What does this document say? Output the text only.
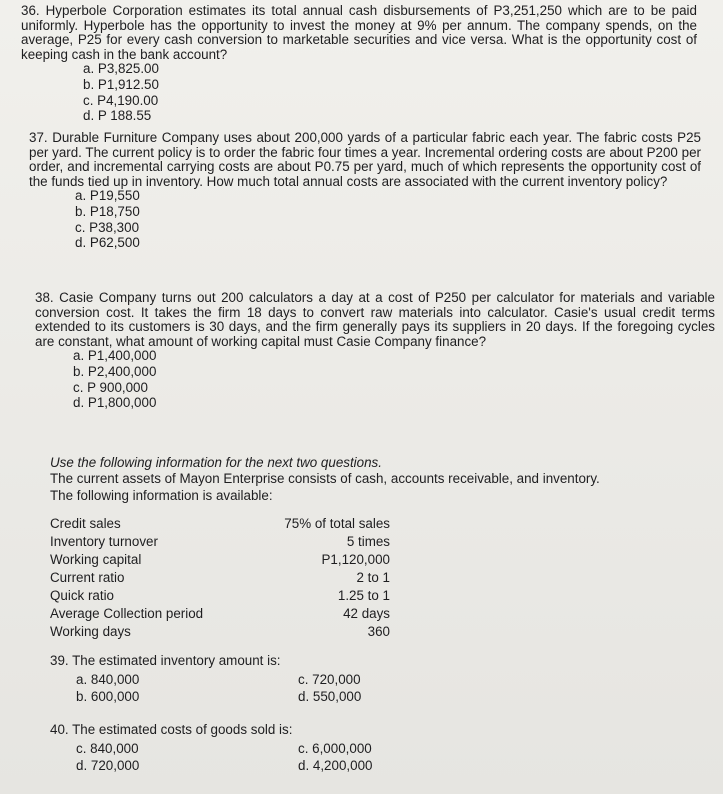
36. Hyperbole Corporation estimates its total annual cash disbursements of P3,251,250 which are to be paid uniformly. Hyperbole has the opportunity to invest the money at 9% per annum. The company spends, on the average, P25 for every cash conversion to marketable securities and vice versa. What is the opportunity cost of keeping cash in the bank account?

a. P3,825.00
b. P1,912.50
c. P4,190.00
d. P 188.55

37. Durable Furniture Company uses about 200,000 yards of a particular fabric each year. The fabric costs P25 per yard. The current policy is to order the fabric four times a year. Incremental ordering costs are about P200 per order, and incremental carrying costs are about P0.75 per yard, much of which represents the opportunity cost of the funds tied up in inventory. How much total annual costs are associated with the current inventory policy?

a. P19,550
b. P18,750
c. P38,300
d. P62,500

38. Casie Company turns out 200 calculators a day at a cost of P250 per calculator for materials and variable conversion cost. It takes the firm 18 days to convert raw materials into calculator. Casie's usual credit terms extended to its customers is 30 days, and the firm generally pays its suppliers in 20 days. If the foregoing cycles are constant, what amount of working capital must Casie Company finance?

a. P1,400,000
b. P2,400,000
c. P 900,000
d. P1,800,000
Use the following information for the next two questions.
The current assets of Mayon Enterprise consists of cash, accounts receivable, and inventory.
The following information is available:
Credit sales	75% of total sales
Inventory turnover	5 times
Working capital	P1,120,000
Current ratio	2 to 1
Quick ratio	1.25 to 1
Average Collection period	42 days
Working days	360
39. The estimated inventory amount is:
a. 840,000
b. 600,000
c. 720,000
d. 550,000
40. The estimated costs of goods sold is:
c. 840,000
d. 720,000
c. 6,000,000
d. 4,200,000
